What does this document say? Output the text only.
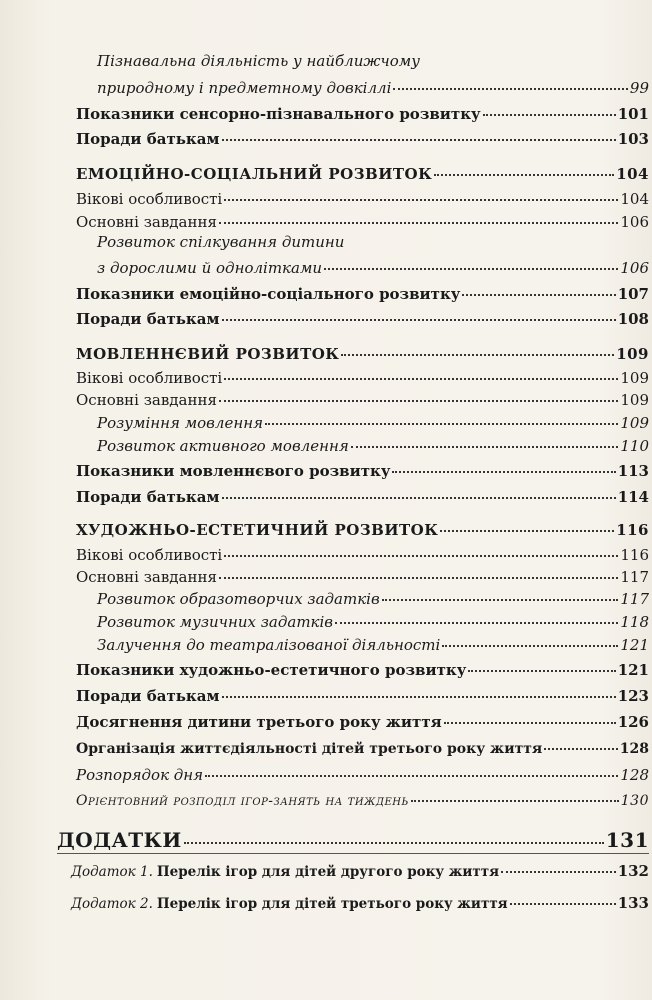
Пізнавальна діяльність у найближчому
природному і предметному довкіллі	99
Показники сенсорно-пізнавального розвитку	101
Поради батькам	103
ЕМОЦІЙНО-СОЦІАЛЬНИЙ РОЗВИТОК	104
Вікові особливості	104
Основні завдання	106
Розвиток спілкування дитини
з дорослими й однолітками	106
Показники емоційно-соціального розвитку	107
Поради батькам	108
МОВЛЕННЄВИЙ РОЗВИТОК	109
Вікові особливості	109
Основні завдання	109
Розуміння мовлення	109
Розвиток активного мовлення	110
Показники мовленнєвого розвитку	113
Поради батькам	114
ХУДОЖНЬО-ЕСТЕТИЧНИЙ РОЗВИТОК	116
Вікові особливості	116
Основні завдання	117
Розвиток образотворчих задатків	117
Розвиток музичних задатків	118
Залучення до театралізованої діяльності	121
Показники художньо-естетичного розвитку	121
Поради батькам	123
Досягнення дитини третього року життя	126
Організація життєдіяльності дітей третього року життя	128
Розпорядок дня	128
Орієнтовний розподіл ігор-занять на тиждень	130
ДОДАТКИ	131
Додаток 1. Перелік ігор для дітей другого року життя	132
Додаток 2. Перелік ігор для дітей третього року життя	133
